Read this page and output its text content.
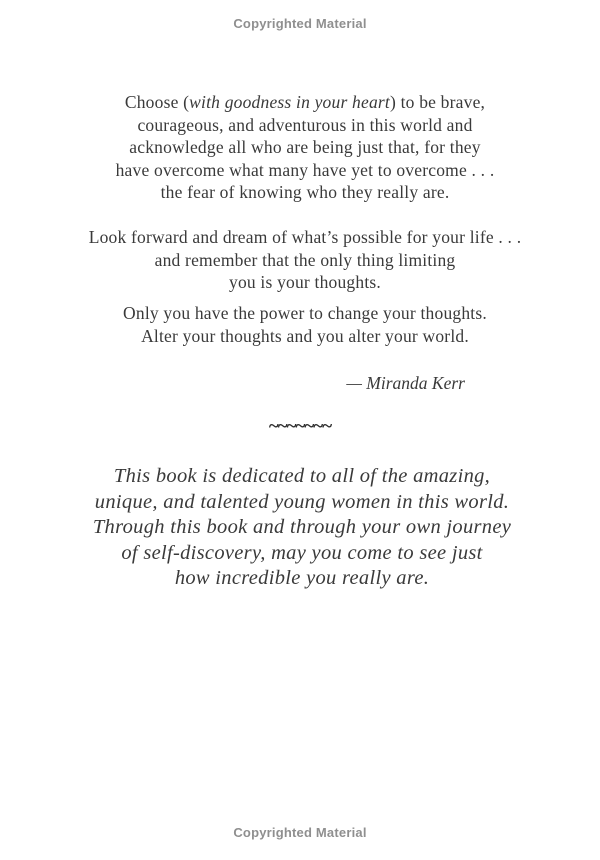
Copyrighted Material
Choose (with goodness in your heart) to be brave,
courageous, and adventurous in this world and
acknowledge all who are being just that, for they
have overcome what many have yet to overcome . . .
the fear of knowing who they really are.
Look forward and dream of what’s possible for your life . . .
and remember that the only thing limiting
you is your thoughts.
Only you have the power to change your thoughts.
Alter your thoughts and you alter your world.
— Miranda Kerr
~~~~~~~
This book is dedicated to all of the amazing,
unique, and talented young women in this world.
Through this book and through your own journey
of self-discovery, may you come to see just
how incredible you really are.
Copyrighted Material
